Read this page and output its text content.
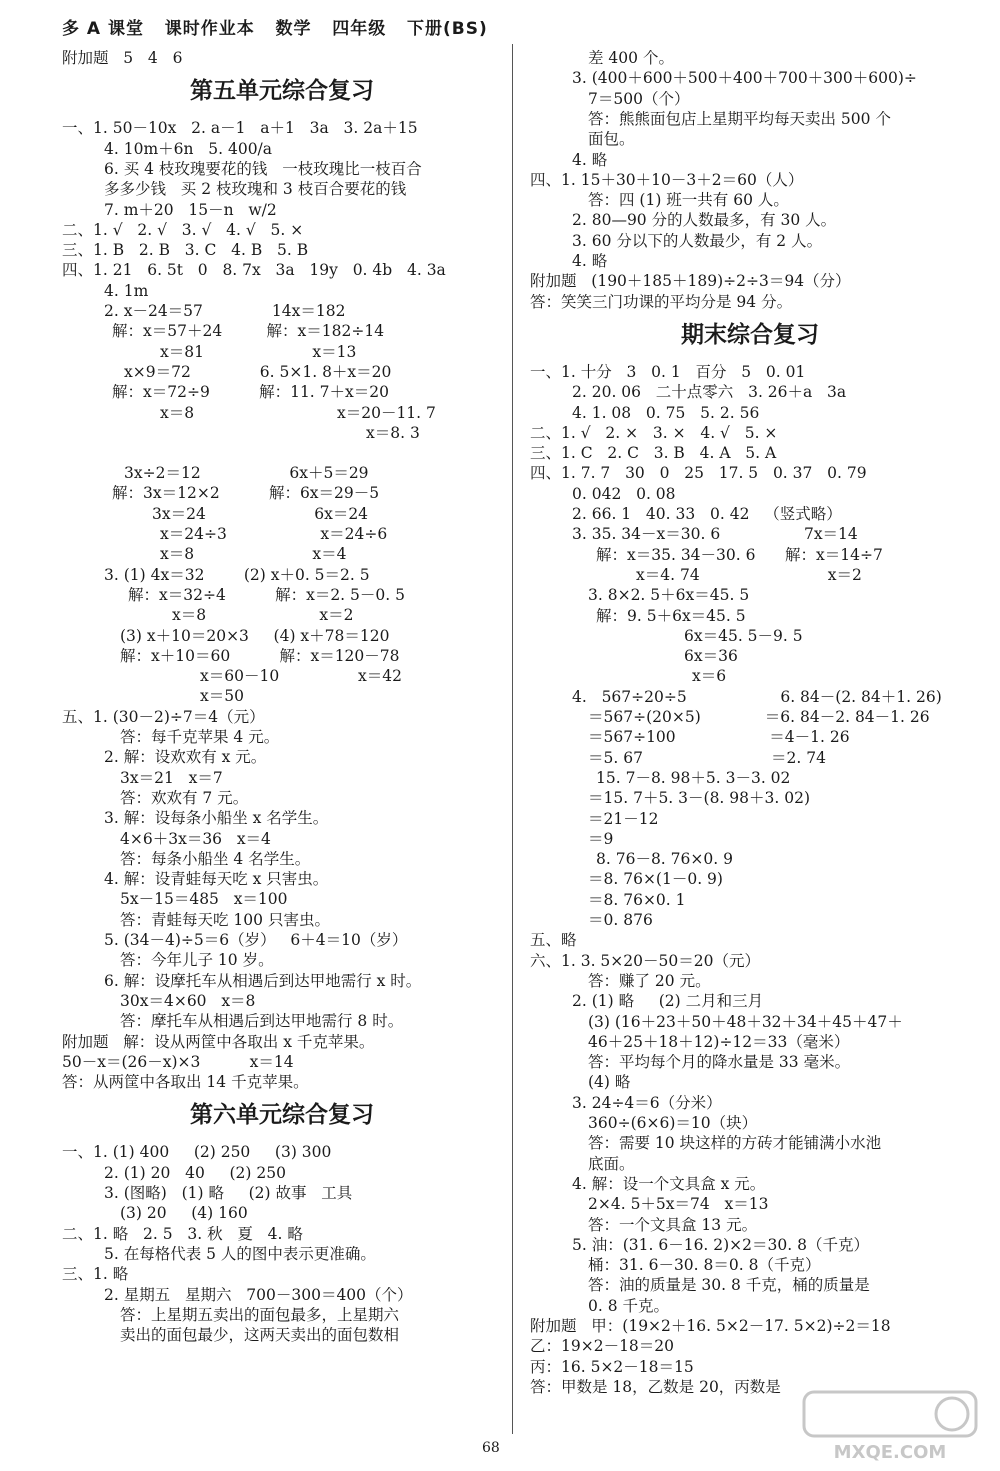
多 A 课堂   课时作业本   数学   四年级   下册(BS)
附加题   5   4   6
第五单元综合复习
一、1. 50－10x   2. a－1   a＋1   3a   3. 2a＋15
4. 10m＋6n   5. 400/a
6. 买 4 枝玫瑰要花的钱   一枝玫瑰比一枝百合
多多少钱   买 2 枝玫瑰和 3 枝百合要花的钱
7. m＋20   15－n   w/2
二、1. √   2. √   3. √   4. √   5. ×
三、1. B   2. B   3. C   4. B   5. B
四、1. 21   6. 5t   0   8. 7x   3a   19y   0. 4b   4. 3a
4. 1m
2. x－24＝57              14x＝182
解：x＝57＋24         解：x＝182÷14
x＝81                      x＝13
x×9＝72              6. 5×1. 8＋x＝20
解：x＝72÷9          解：11. 7＋x＝20
x＝8                             x＝20－11. 7
x＝8. 3
3x÷2＝12                  6x＋5＝29
解：3x＝12×2          解：6x＝29－5
3x＝24                      6x＝24
x＝24÷3                   x＝24÷6
x＝8                        x＝4
3. (1) 4x＝32        (2) x＋0. 5＝2. 5
解：x＝32÷4          解：x＝2. 5－0. 5
x＝8                       x＝2
(3) x＋10＝20×3     (4) x＋78＝120
解：x＋10＝60          解：x＝120－78
x＝60－10                x＝42
x＝50
五、1. (30－2)÷7＝4（元）
答：每千克苹果 4 元。
2. 解：设欢欢有 x 元。
3x＝21   x＝7
答：欢欢有 7 元。
3. 解：设每条小船坐 x 名学生。
4×6＋3x＝36   x＝4
答：每条小船坐 4 名学生。
4. 解：设青蛙每天吃 x 只害虫。
5x－15＝485   x＝100
答：青蛙每天吃 100 只害虫。
5. (34－4)÷5＝6（岁）   6＋4＝10（岁）
答：今年儿子 10 岁。
6. 解：设摩托车从相遇后到达甲地需行 x 时。
30x＝4×60   x＝8
答：摩托车从相遇后到达甲地需行 8 时。
附加题   解：设从两筐中各取出 x 千克苹果。
50－x＝(26－x)×3          x＝14
答：从两筐中各取出 14 千克苹果。
第六单元综合复习
一、1. (1) 400     (2) 250     (3) 300
2. (1) 20   40     (2) 250
3. (图略)   (1) 略     (2) 故事   工具
(3) 20     (4) 160
二、1. 略   2. 5   3. 秋   夏   4. 略
5. 在每格代表 5 人的图中表示更准确。
三、1. 略
2. 星期五   星期六   700－300＝400（个）
答：上星期五卖出的面包最多，上星期六
卖出的面包最少，这两天卖出的面包数相
差 400 个。
3. (400＋600＋500＋400＋700＋300＋600)÷
7＝500（个）
答：熊熊面包店上星期平均每天卖出 500 个
面包。
4. 略
四、1. 15＋30＋10－3＋2＝60（人）
答：四 (1) 班一共有 60 人。
2. 80—90 分的人数最多，有 30 人。
3. 60 分以下的人数最少，有 2 人。
4. 略
附加题   (190＋185＋189)÷2÷3＝94（分）
答：笑笑三门功课的平均分是 94 分。
期末综合复习
一、1. 十分   3   0. 1   百分   5   0. 01
2. 20. 06   二十点零六   3. 26＋a   3a
4. 1. 08   0. 75   5. 2. 56
二、1. √   2. ×   3. ×   4. √   5. ×
三、1. C   2. C   3. B   4. A   5. A
四、1. 7. 7   30   0   25   17. 5   0. 37   0. 79
0. 042   0. 08
2. 66. 1   40. 33   0. 42   （竖式略）
3. 35. 34－x＝30. 6                 7x＝14
解：x＝35. 34－30. 6      解：x＝14÷7
x＝4. 74                          x＝2
3. 8×2. 5＋6x＝45. 5
解：9. 5＋6x＝45. 5
6x＝45. 5－9. 5
6x＝36
x＝6
4.   567÷20÷5                   6. 84－(2. 84＋1. 26)
＝567÷(20×5)             ＝6. 84－2. 84－1. 26
＝567÷100                   ＝4－1. 26
＝5. 67                          ＝2. 74
15. 7－8. 98＋5. 3－3. 02
＝15. 7＋5. 3－(8. 98＋3. 02)
＝21－12
＝9
8. 76－8. 76×0. 9
＝8. 76×(1－0. 9)
＝8. 76×0. 1
＝0. 876
五、略
六、1. 3. 5×20－50＝20（元）
答：赚了 20 元。
2. (1) 略     (2) 二月和三月
(3) (16＋23＋50＋48＋32＋34＋45＋47＋
46＋25＋18＋12)÷12＝33（毫米）
答：平均每个月的降水量是 33 毫米。
(4) 略
3. 24÷4＝6（分米）
360÷(6×6)＝10（块）
答：需要 10 块这样的方砖才能铺满小水池
底面。
4. 解：设一个文具盒 x 元。
2×4. 5＋5x＝74   x＝13
答：一个文具盒 13 元。
5. 油：(31. 6－16. 2)×2＝30. 8（千克）
桶：31. 6－30. 8＝0. 8（千克）
答：油的质量是 30. 8 千克，桶的质量是
0. 8 千克。
附加题   甲：(19×2＋16. 5×2－17. 5×2)÷2＝18
乙：19×2－18＝20
丙：16. 5×2－18＝15
答：甲数是 18，乙数是 20，丙数是
68	MXQE.COM
